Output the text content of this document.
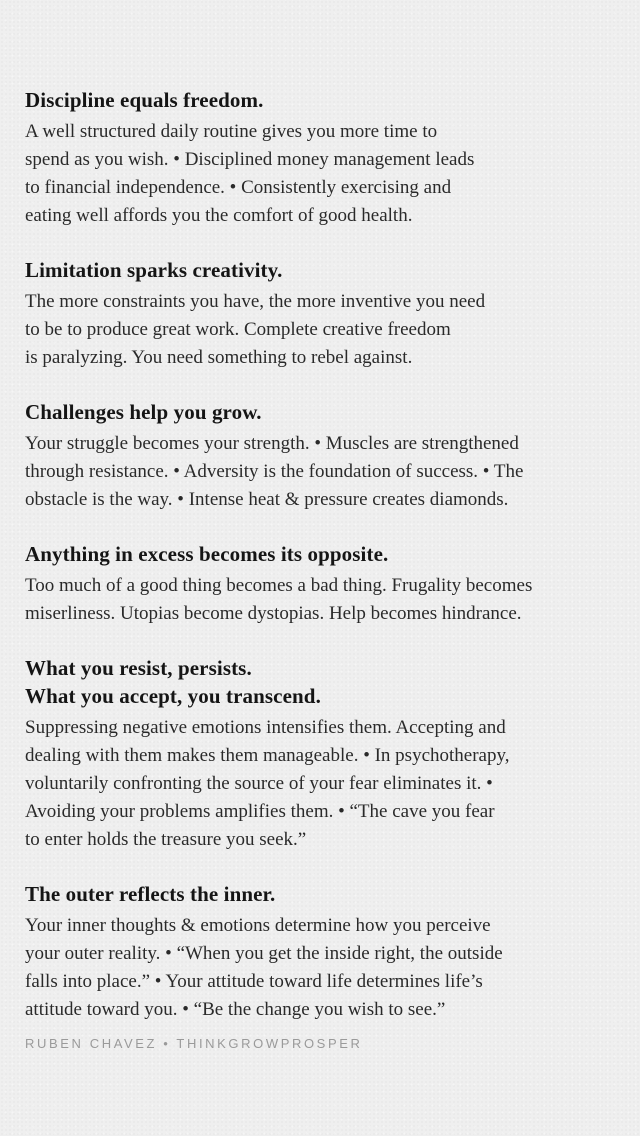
Discipline equals freedom.

A well structured daily routine gives you more time to
spend as you wish. • Disciplined money management leads
to financial independence. • Consistently exercising and
eating well affords you the comfort of good health.

Limitation sparks creativity.

The more constraints you have, the more inventive you need
to be to produce great work. Complete creative freedom
is paralyzing. You need something to rebel against.

Challenges help you grow.

Your struggle becomes your strength. • Muscles are strengthened
through resistance. • Adversity is the foundation of success. • The
obstacle is the way. • Intense heat & pressure creates diamonds.

Anything in excess becomes its opposite.

Too much of a good thing becomes a bad thing. Frugality becomes
miserliness. Utopias become dystopias. Help becomes hindrance.

What you resist, persists.
What you accept, you transcend.

Suppressing negative emotions intensifies them. Accepting and
dealing with them makes them manageable. • In psychotherapy,
voluntarily confronting the source of your fear eliminates it. •
Avoiding your problems amplifies them. • “The cave you fear
to enter holds the treasure you seek.”

The outer reflects the inner.

Your inner thoughts & emotions determine how you perceive
your outer reality. • “When you get the inside right, the outside
falls into place.” • Your attitude toward life determines life’s
attitude toward you. • “Be the change you wish to see.”

RUBEN CHAVEZ • THINKGROWPROSPER
